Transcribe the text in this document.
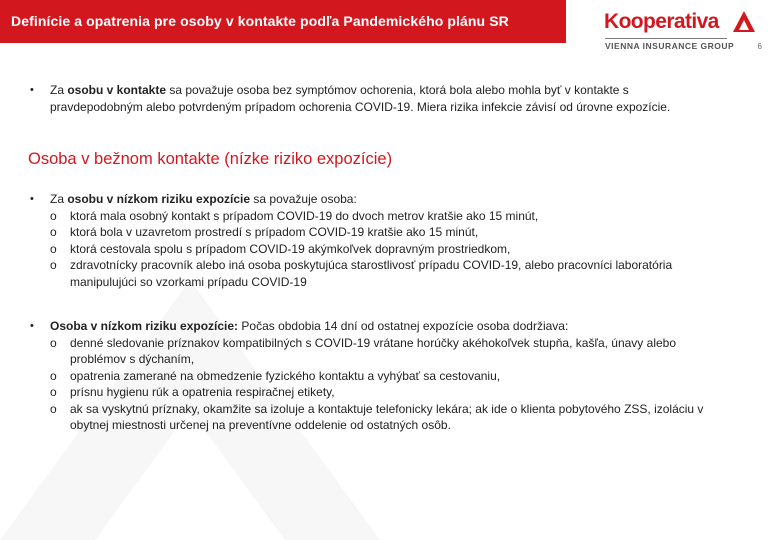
Definície a opatrenia pre osoby v kontakte podľa Pandemického plánu SR	Kooperativa
VIENNA INSURANCE GROUP	6
• Za osobu v kontakte sa považuje osoba bez symptómov ochorenia, ktorá bola alebo mohla byť v kontakte s pravdepodobným alebo potvrdeným prípadom ochorenia COVID-19. Miera rizika infekcie závisí od úrovne expozície.
Osoba v bežnom kontakte (nízke riziko expozície)
• Za osobu v nízkom riziku expozície sa považuje osoba:
o ktorá mala osobný kontakt s prípadom COVID-19 do dvoch metrov kratšie ako 15 minút,
o ktorá bola v uzavretom prostredí s prípadom COVID-19 kratšie ako 15 minút,
o ktorá cestovala spolu s prípadom COVID-19 akýmkoľvek dopravným prostriedkom,
o zdravotnícky pracovník alebo iná osoba poskytujúca starostlivosť prípadu COVID-19, alebo pracovníci laboratória manipulujúci so vzorkami prípadu COVID-19
• Osoba v nízkom riziku expozície: Počas obdobia 14 dní od ostatnej expozície osoba dodržiava:
o denné sledovanie príznakov kompatibilných s COVID-19 vrátane horúčky akéhokoľvek stupňa, kašľa, únavy alebo problémov s dýchaním,
o opatrenia zamerané na obmedzenie fyzického kontaktu a vyhýbať sa cestovaniu,
o prísnu hygienu rúk a opatrenia respiračnej etikety,
o ak sa vyskytnú príznaky, okamžite sa izoluje a kontaktuje telefonicky lekára; ak ide o klienta pobytového ZSS, izoláciu v obytnej miestnosti určenej na preventívne oddelenie od ostatných osôb.
